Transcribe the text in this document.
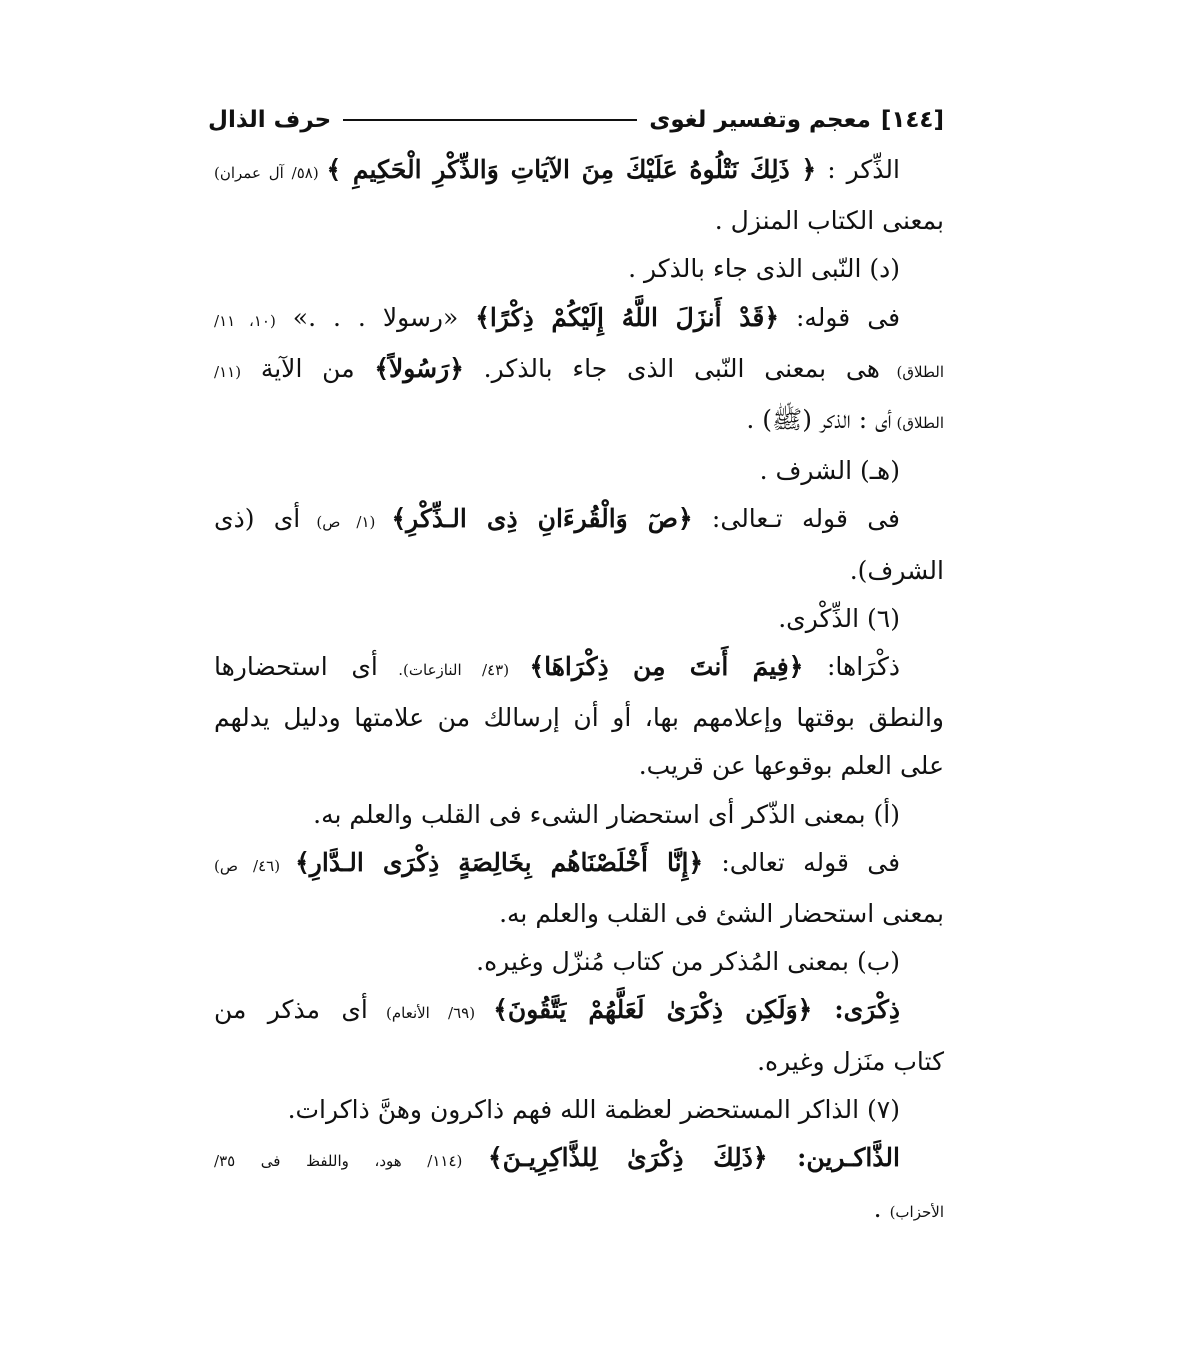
[١٤٤]
معجم وتفسير لغوى
حرف الذال
الذِّكر : ﴿ ذَلِكَ نَتْلُوهُ عَلَيْكَ مِنَ الآيَاتِ وَالذِّكْرِ الْحَكِيمِ ﴾ (٥٨/ آل عمران)
بمعنى الكتاب المنزل .
(د) النّبى الذى جاء بالذكر .
فى قوله: ﴿قَدْ أَنزَلَ اللَّهُ إِلَيْكُمْ ذِكْرًا﴾ «رسولا . . .» (١٠، ١١/
الطلاق) هى بمعنى النّبى الذى جاء بالذكر. ﴿رَسُولاً﴾ من الآية (١١/
الطلاق) أى : الذكر (ﷺ) .
(هـ) الشرف .
فى قوله تـعالى: ﴿صٓ وَالْقُرءَانِ ذِى الـذِّكْرِ﴾ (١/ ص) أى (ذى
الشرف).
(٦) الذِّكْرى.
ذكْرَاها: ﴿فِيمَ أَنتَ مِن ذِكْرَاهَا﴾ (٤٣/ النازعات). أى استحضارها
والنطق بوقتها وإعلامهم بها، أو أن إرسالك من علامتها ودليل يدلهم
على العلم بوقوعها عن قريب.
(أ) بمعنى الذّكر أى استحضار الشىء فى القلب والعلم به.
فى قوله تعالى: ﴿إِنَّا أَخْلَصْنَاهُم بِخَالِصَةٍ ذِكْرَى الـدَّارِ﴾ (٤٦/ ص)
بمعنى استحضار الشئ فى القلب والعلم به.
(ب) بمعنى المُذكر من كتاب مُنزّل وغيره.
ذِكْرَى: ﴿وَلَكِن ذِكْرَىٰ لَعَلَّهُمْ يَتَّقُونَ﴾ (٦٩/ الأنعام) أى مذكر من
كتاب منَزل وغيره.
(٧) الذاكر المستحضر لعظمة الله فهم ذاكرون وهنَّ ذاكرات.
الذَّاكـرين: ﴿ذَلِكَ ذِكْرَىٰ لِلذَّاكِرِيـنَ﴾ (١١٤/ هود، واللفظ فى ٣٥/
الأحزاب) .
